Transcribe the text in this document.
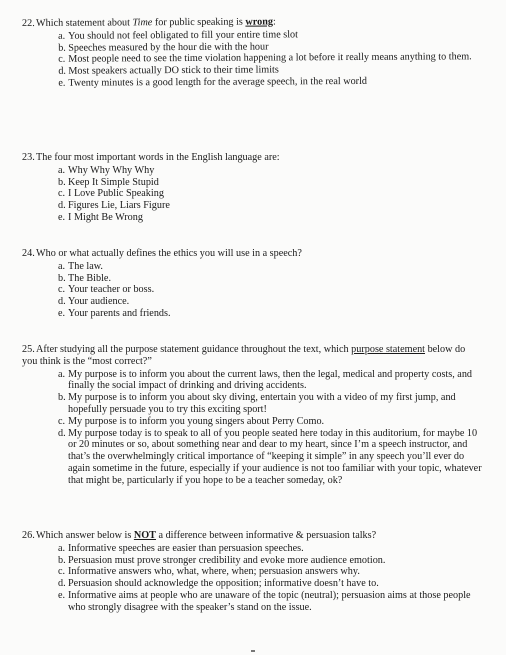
22.Which statement about Time for public speaking is wrong:

a. You should not feel obligated to fill your entire time slot
b. Speeches measured by the hour die with the hour
c. Most people need to see the time violation happening a lot before it really means anything to them.
d. Most speakers actually DO stick to their time limits
e. Twenty minutes is a good length for the average speech, in the real world

23.The four most important words in the English language are:

a. Why Why Why Why
b. Keep It Simple Stupid
c. I Love Public Speaking
d. Figures Lie, Liars Figure
e. I Might Be Wrong

24.Who or what actually defines the ethics you will use in a speech?

a. The law.
b. The Bible.
c. Your teacher or boss.
d. Your audience.
e. Your parents and friends.

25.After studying all the purpose statement guidance throughout the text, which purpose statement below do you think is the “most correct?”

a. My purpose is to inform you about the current laws, then the legal, medical and property costs, and finally the social impact of drinking and driving accidents.
b. My purpose is to inform you about sky diving, entertain you with a video of my first jump, and hopefully persuade you to try this exciting sport!
c. My purpose is to inform you young singers about Perry Como.
d. My purpose today is to speak to all of you people seated here today in this auditorium, for maybe 10 or 20 minutes or so, about something near and dear to my heart, since I’m a speech instructor, and that’s the overwhelmingly critical importance of “keeping it simple” in any speech you’ll ever do again sometime in the future, especially if your audience is not too familiar with your topic, whatever that might be, particularly if you hope to be a teacher someday, ok?

26.Which answer below is NOT a difference between informative & persuasion talks?

a. Informative speeches are easier than persuasion speeches.
b. Persuasion must prove stronger credibility and evoke more audience emotion.
c. Informative answers who, what, where, when; persuasion answers why.
d. Persuasion should acknowledge the opposition; informative doesn’t have to.
e. Informative aims at people who are unaware of the topic (neutral); persuasion aims at those people who strongly disagree with the speaker’s stand on the issue.
